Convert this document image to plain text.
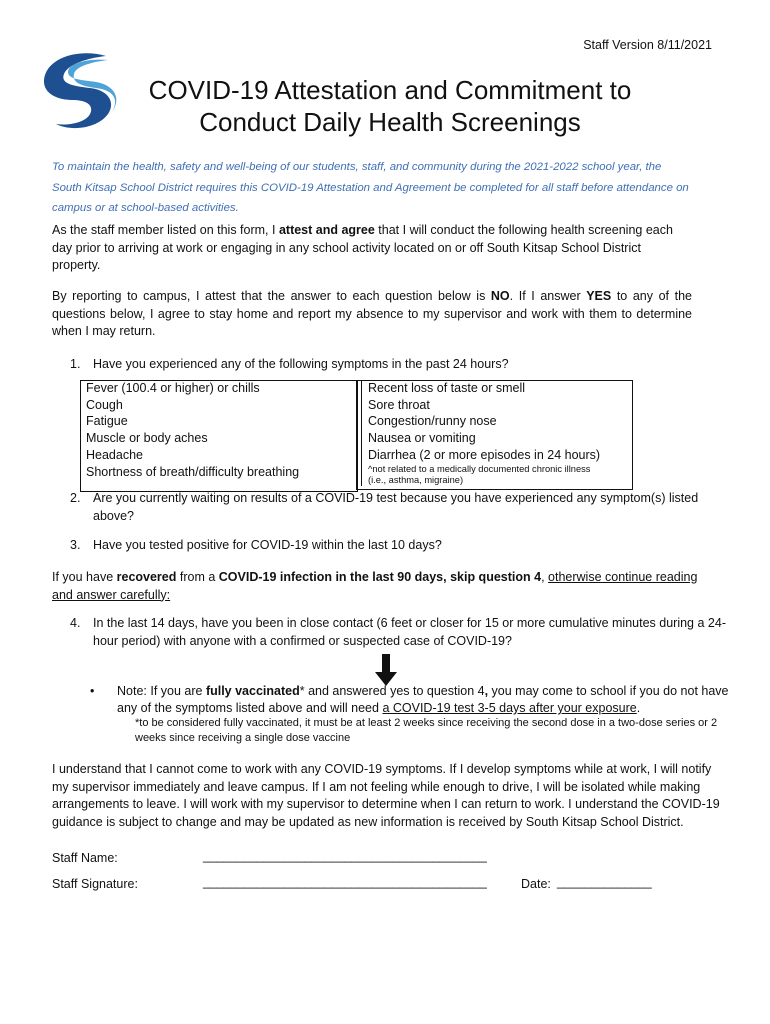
Staff Version 8/11/2021
COVID-19 Attestation and Commitment to
Conduct Daily Health Screenings
To maintain the health, safety and well-being of our students, staff, and community during the 2021-2022 school year, the South Kitsap School District requires this COVID-19 Attestation and Agreement be completed for all staff before attendance on campus or at school-based activities.
As the staff member listed on this form, I attest and agree that I will conduct the following health screening each day prior to arriving at work or engaging in any school activity located on or off South Kitsap School District property.
By reporting to campus, I attest that the answer to each question below is NO. If I answer YES to any of the questions below, I agree to stay home and report my absence to my supervisor and work with them to determine when I may return.
1. Have you experienced any of the following symptoms in the past 24 hours?
Fever (100.4 or higher) or chills	Recent loss of taste or smell
Cough	Sore throat
Fatigue	Congestion/runny nose
Muscle or body aches	Nausea or vomiting
Headache	Diarrhea (2 or more episodes in 24 hours)
Shortness of breath/difficulty breathing	^not related to a medically documented chronic illness
(i.e., asthma, migraine)
2. Are you currently waiting on results of a COVID-19 test because you have experienced any symptom(s) listed above?
3. Have you tested positive for COVID-19 within the last 10 days?
If you have recovered from a COVID-19 infection in the last 90 days, skip question 4, otherwise continue reading and answer carefully:
4. In the last 14 days, have you been in close contact (6 feet or closer for 15 or more cumulative minutes during a 24-hour period) with anyone with a confirmed or suspected case of COVID-19?
• Note: If you are fully vaccinated* and answered yes to question 4, you may come to school if you do not have any of the symptoms listed above and will need a COVID-19 test 3-5 days after your exposure.
*to be considered fully vaccinated, it must be at least 2 weeks since receiving the second dose in a two-dose series or 2 weeks since receiving a single dose vaccine
I understand that I cannot come to work with any COVID-19 symptoms. If I develop symptoms while at work, I will notify my supervisor immediately and leave campus. If I am not feeling while enough to drive, I will be isolated while making arrangements to leave. I will work with my supervisor to determine when I can return to work. I understand the COVID-19 guidance is subject to change and may be updated as new information is received by South Kitsap School District.
Staff Name:	__________________________________________
Staff Signature:	__________________________________________	Date: ______________
